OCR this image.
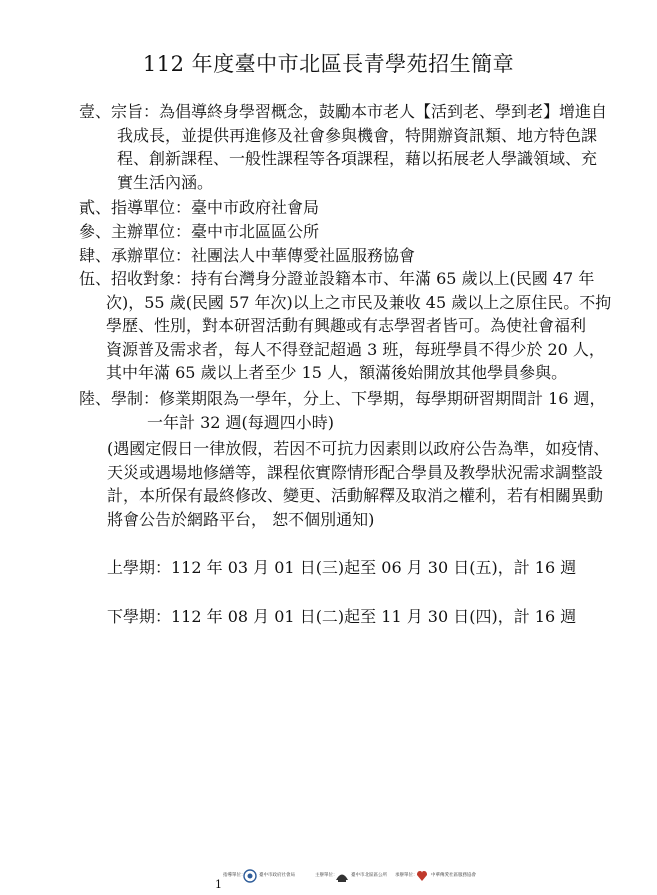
112 年度臺中市北區長青學苑招生簡章
壹、宗旨：為倡導終身學習概念，鼓勵本市老人【活到老、學到老】增進自
我成長，並提供再進修及社會參與機會，特開辦資訊類、地方特色課
程、創新課程、一般性課程等各項課程，藉以拓展老人學識領域、充
實生活內涵。
貳、指導單位：臺中市政府社會局
參、主辦單位：臺中市北區區公所
肆、承辦單位：社團法人中華傳愛社區服務協會
伍、招收對象：持有台灣身分證並設籍本市、年滿 65 歲以上(民國 47 年
次)，55 歲(民國 57 年次)以上之市民及兼收 45 歲以上之原住民。不拘
學歷、性別，對本研習活動有興趣或有志學習者皆可。為使社會福利
資源普及需求者，每人不得登記超過 3 班，每班學員不得少於 20 人，
其中年滿 65 歲以上者至少 15 人，額滿後始開放其他學員參與。
陸、學制：修業期限為一學年，分上、下學期，每學期研習期間計 16 週，
一年計 32 週(每週四小時)
(遇國定假日一律放假，若因不可抗力因素則以政府公告為準，如疫情、
天災或遇場地修繕等，課程依實際情形配合學員及教學狀況需求調整設
計，本所保有最終修改、變更、活動解釋及取消之權利，若有相關異動
將會公告於網路平台， 恕不個別通知)
上學期：112 年 03 月 01 日(三)起至 06 月 30 日(五)，計 16 週
下學期：112 年 08 月 01 日(二)起至 11 月 30 日(四)，計 16 週
1
指導單位：	臺中市政府社會局	主辦單位：	臺中市北區區公所 承辦單位：	中華傳愛社區服務協會
